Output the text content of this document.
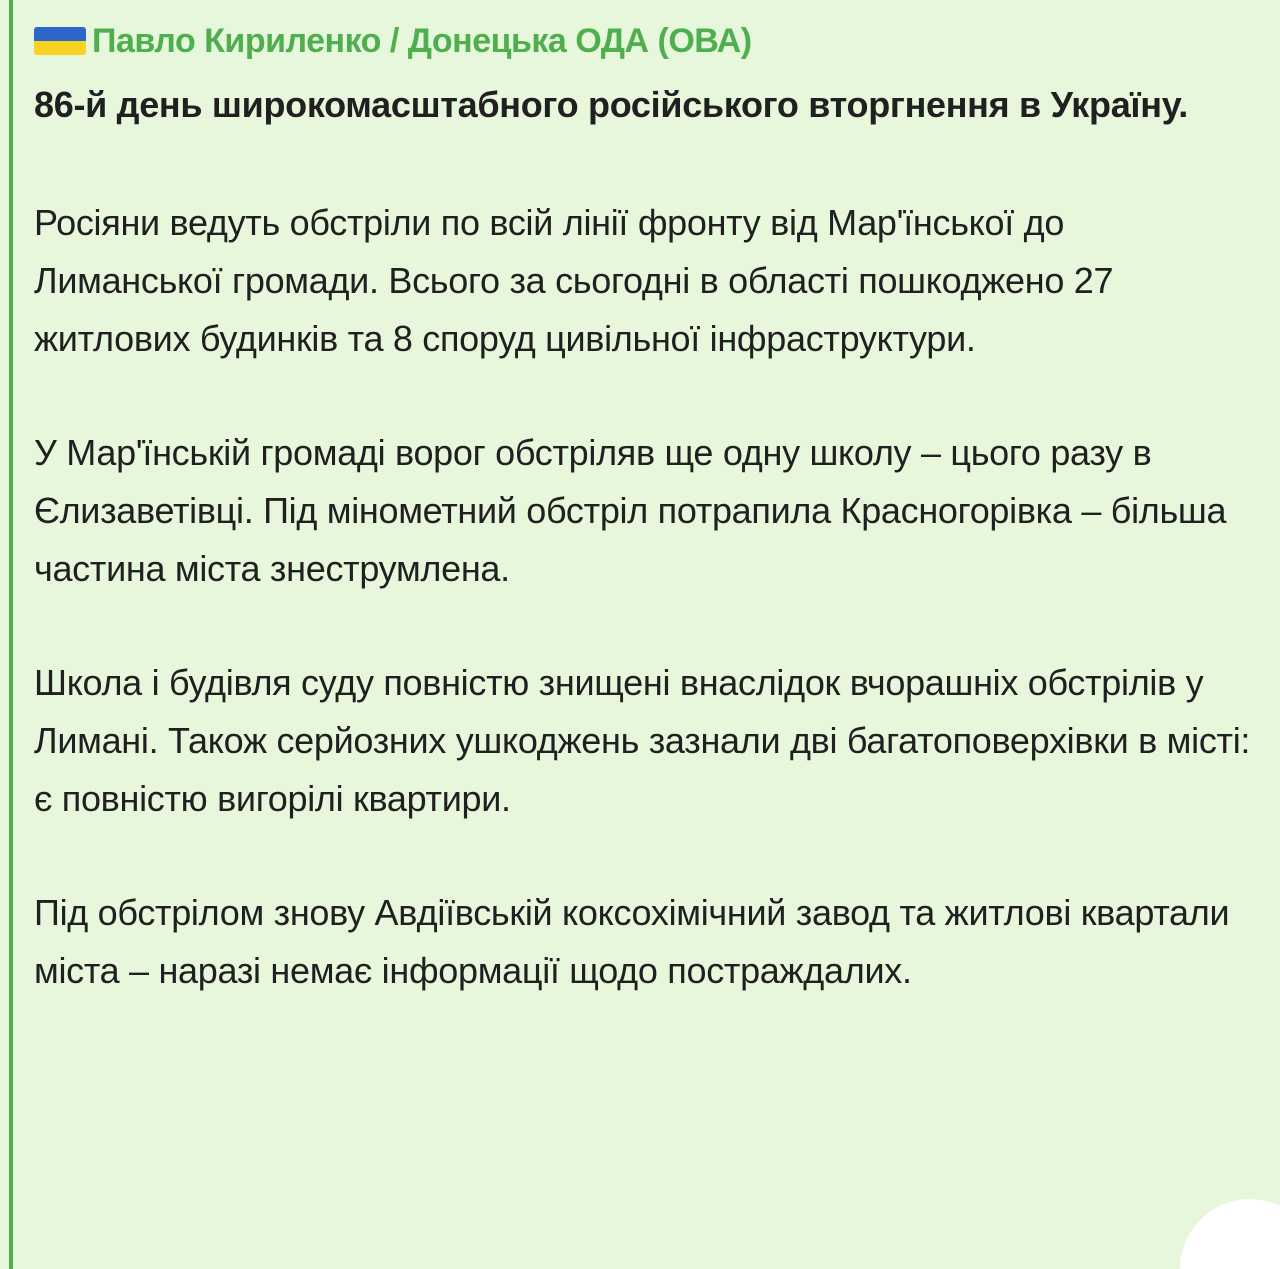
Павло Кириленко / Донецька ОДА (ОВА)

86-й день широкомасштабного російського вторгнення в Україну.

Росіяни ведуть обстріли по всій лінії фронту від Мар'їнської до Лиманської громади. Всього за сьогодні в області пошкоджено 27 житлових будинків та 8 споруд цивільної інфраструктури.

У Мар'їнській громаді ворог обстріляв ще одну школу – цього разу в Єлизаветівці. Під мінометний обстріл потрапила Красногорівка – більша частина міста знеструмлена.

Школа і будівля суду повністю знищені внаслідок вчорашніх обстрілів у Лимані. Також серйозних ушкоджень зазнали дві багатоповерхівки в місті: є повністю вигорілі квартири.

Під обстрілом знову Авдіївській коксохімічний завод та житлові квартали міста – наразі немає інформації щодо постраждалих.
